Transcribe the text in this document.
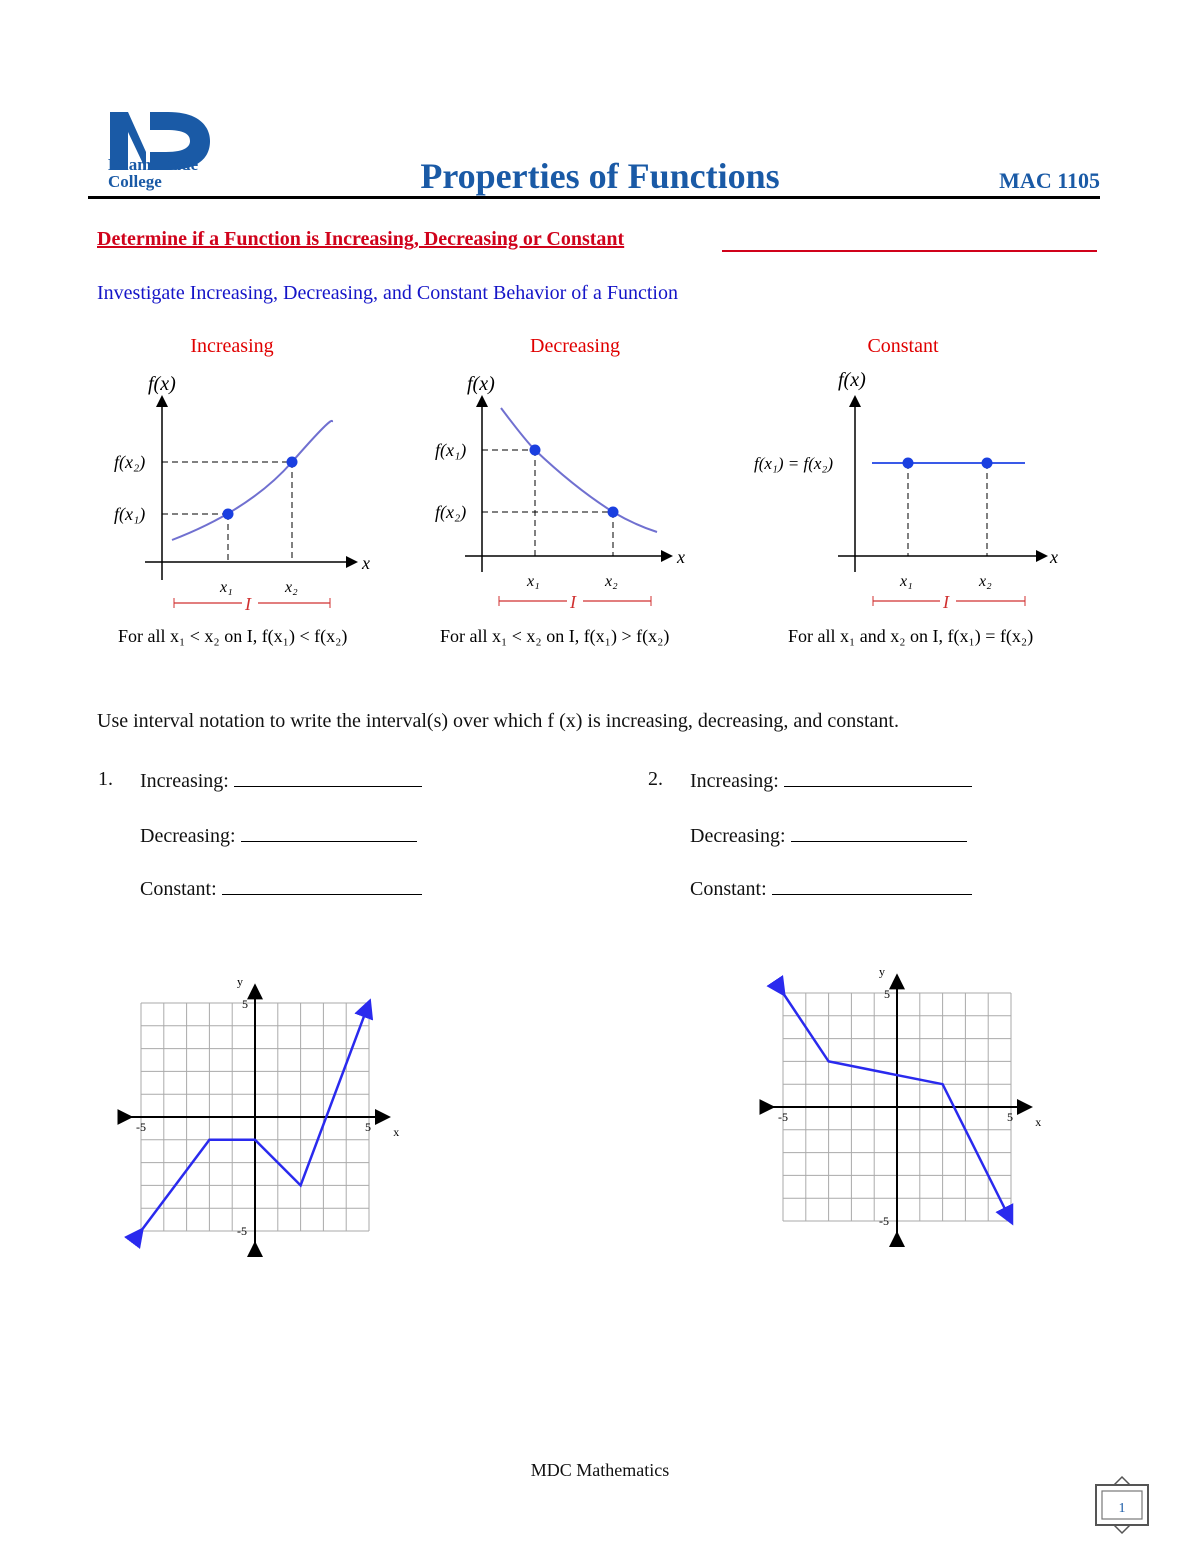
Miami Dade
College	Properties of Functions	MAC 1105
Determine if a Function is Increasing, Decreasing or Constant
Investigate Increasing, Decreasing, and Constant Behavior of a Function
Increasing	Decreasing	Constant
f(x)
x
f(x₂)
f(x₁)
x₁	x₂
I
For all x₁ < x₂ on I, f(x₁) < f(x₂)
f(x)
x
f(x₁)
f(x₂)
x₁	x₂
I
For all x₁ < x₂ on I, f(x₁) > f(x₂)
f(x)
x
f(x₁) = f(x₂)
x₁	x₂
I
For all x₁ and x₂ on I, f(x₁) = f(x₂)
Use interval notation to write the interval(s) over which f (x) is increasing, decreasing, and constant.
1. Increasing:
Decreasing:
Constant:
2. Increasing:
Decreasing:
Constant:
-5	5
5
-5
x
y
-5	5
5
-5
x
y
MDC Mathematics
1
